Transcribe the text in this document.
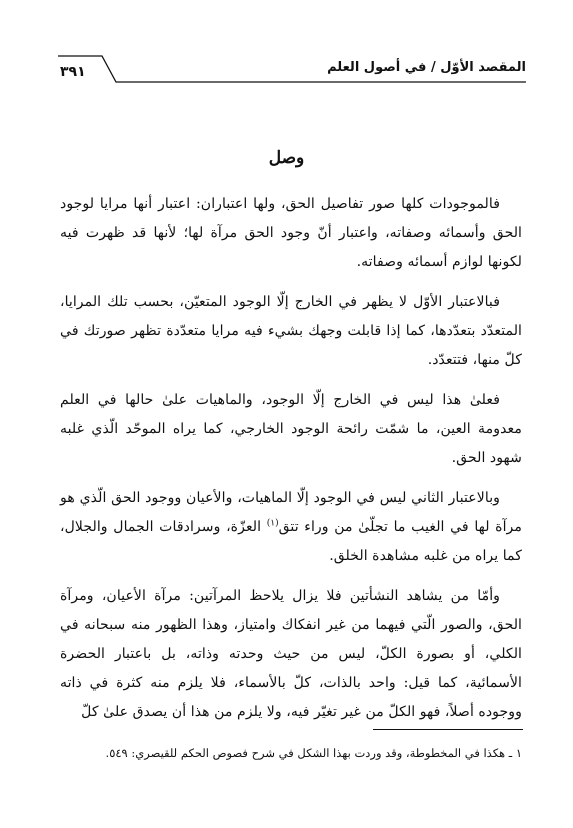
المقصد الأوّل / في أصول العلم
٣٩١
وصل

فالموجودات كلها صور تفاصيل الحق، ولها اعتباران: اعتبار أنها مرايا لوجود الحق وأسمائه وصفاته، واعتبار أنّ وجود الحق مرآة لها؛ لأنها قد ظهرت فيه لكونها لوازم أسمائه وصفاته.

فبالاعتبار الأوّل لا يظهر في الخارج إلّا الوجود المتعيّن، بحسب تلك المرايا، المتعدّد بتعدّدها، كما إذا قابلت وجهك بشيء فيه مرايا متعدّدة تظهر صورتك في كلّ منها، فتتعدّد.

فعلىٰ هذا ليس في الخارج إلّا الوجود، والماهيات علىٰ حالها في العلم معدومة العين، ما شمّت رائحة الوجود الخارجي، كما يراه الموحّد الّذي غلبه شهود الحق.

وبالاعتبار الثاني ليس في الوجود إلّا الماهيات، والأعيان ووجود الحق الّذي هو مرآة لها في الغيب ما تجلّىٰ من وراء تتق$^{(١)}$ العزّة، وسرادقات الجمال والجلال، كما يراه من غلبه مشاهدة الخلق.

وأمّا من يشاهد النشأتين فلا يزال يلاحظ المرآتين: مرآة الأعيان، ومرآة الحق، والصور الّتي فيهما من غير انفكاك وامتياز، وهذا الظهور منه سبحانه في الكلي، أو بصورة الكلّ، ليس من حيث وحدته وذاته، بل باعتبار الحضرة الأسمائية، كما قيل: واحد بالذات، كلّ بالأسماء، فلا يلزم منه كثرة في ذاته ووجوده أصلاً، فهو الكلّ من غير تغيّر فيه، ولا يلزم من هذا أن يصدق علىٰ كلّ

١ ـ هكذا في المخطوطة، وقد وردت بهذا الشكل في شرح فصوص الحكم للقيصري: ٥٤٩.
